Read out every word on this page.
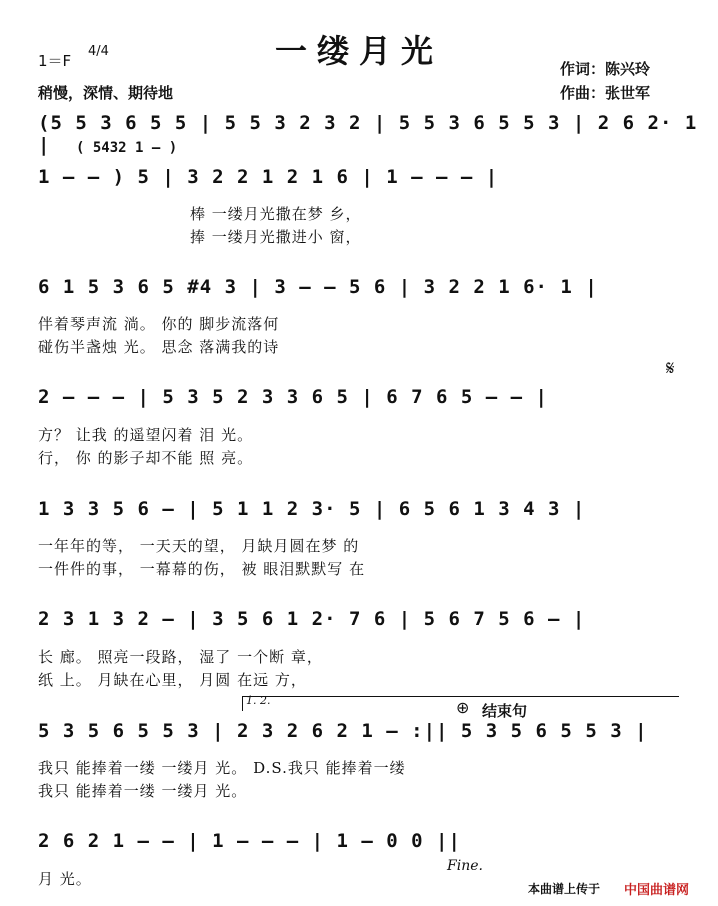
一缕月光
1＝F
4/4
稍慢，深情、期待地
作词：陈兴玲
作曲：张世军
(5 5 3 6 5 5 | 5 5 3 2 3 2 | 5 5 3 6 5 5 3 | 2 6 2· 1 |	( 5432 1 — )
1 – – ) 5 | 3 2 2 1 2 1 6 | 1 – – – |
棒 一缕月光撒在梦 乡，
捧 一缕月光撒进小 窗，
6 1 5 3 6 5 #4 3 | 3 – – 5 6 | 3 2 2 1 6· 1 |
伴着琴声流 淌。 你的 脚步流落何
碰伤半盏烛 光。 思念 落满我的诗
𝄋
2 – – – | 5 3 5 2 3 3 6 5 | 6 7 6 5 – – |
方？ 让我 的遥望闪着 泪 光。
行， 你 的影子却不能 照 亮。
1 3 3 5 6 – | 5 1 1 2 3· 5 | 6 5 6 1 3 4 3 |
一年年的等， 一天天的望， 月缺月圆在梦 的
一件件的事， 一幕幕的伤， 被 眼泪默默写 在
2 3 1 3 2 – | 3 5 6 1 2· 7 6 | 5 6 7 5 6 – |
长 廊。 照亮一段路， 湿了 一个断 章，
纸 上。 月缺在心里， 月圆 在远 方，
1. 2.	⊕ 结束句
5 3 5 6 5 5 3 | 2 3 2 6 2 1 – :|| 5 3 5 6 5 5 3 |
我只 能捧着一缕 一缕月 光。 D.S.我只 能捧着一缕
我只 能捧着一缕 一缕月 光。
2 6 2 1 – – | 1 – – – | 1 – 0 0 ||
月 光。
Fine.
本曲谱上传于 中国曲谱网
